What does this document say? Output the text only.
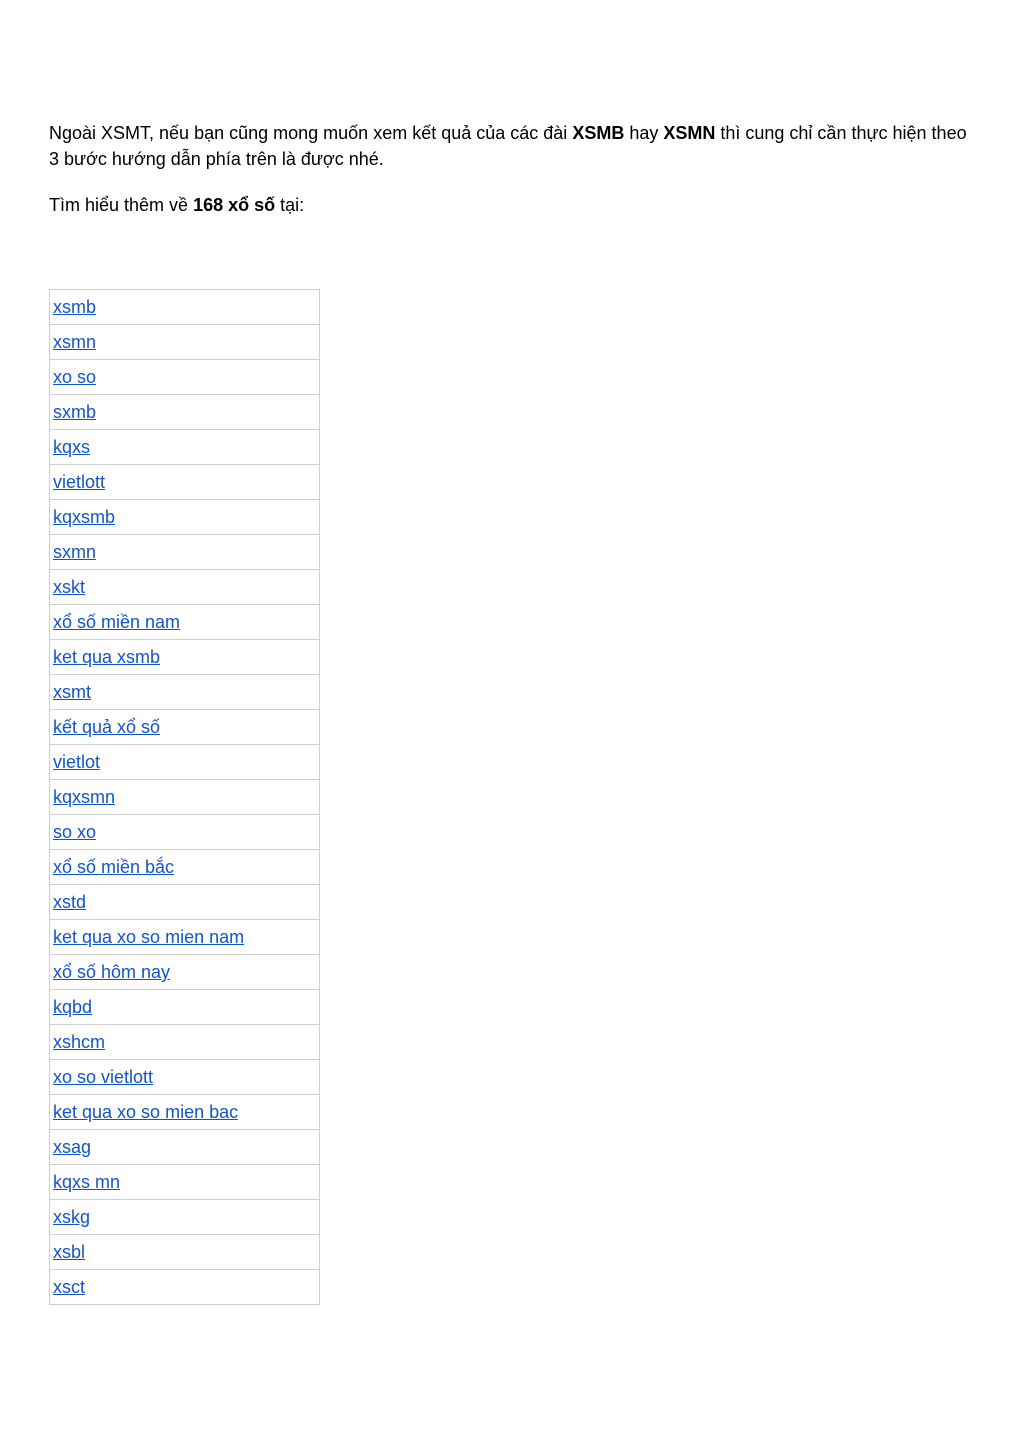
Ngoài XSMT, nếu bạn cũng mong muốn xem kết quả của các đài XSMB hay XSMN thì cung chỉ cần thực hiện theo 3 bước hướng dẫn phía trên là được nhé.

Tìm hiểu thêm về 168 xổ số tại:

xsmb
xsmn
xo so
sxmb
kqxs
vietlott
kqxsmb
sxmn
xskt
xổ số miền nam
ket qua xsmb
xsmt
kết quả xổ số
vietlot
kqxsmn
so xo
xổ số miền bắc
xstd
ket qua xo so mien nam
xổ số hôm nay
kqbd
xshcm
xo so vietlott
ket qua xo so mien bac
xsag
kqxs mn
xskg
xsbl
xsct
